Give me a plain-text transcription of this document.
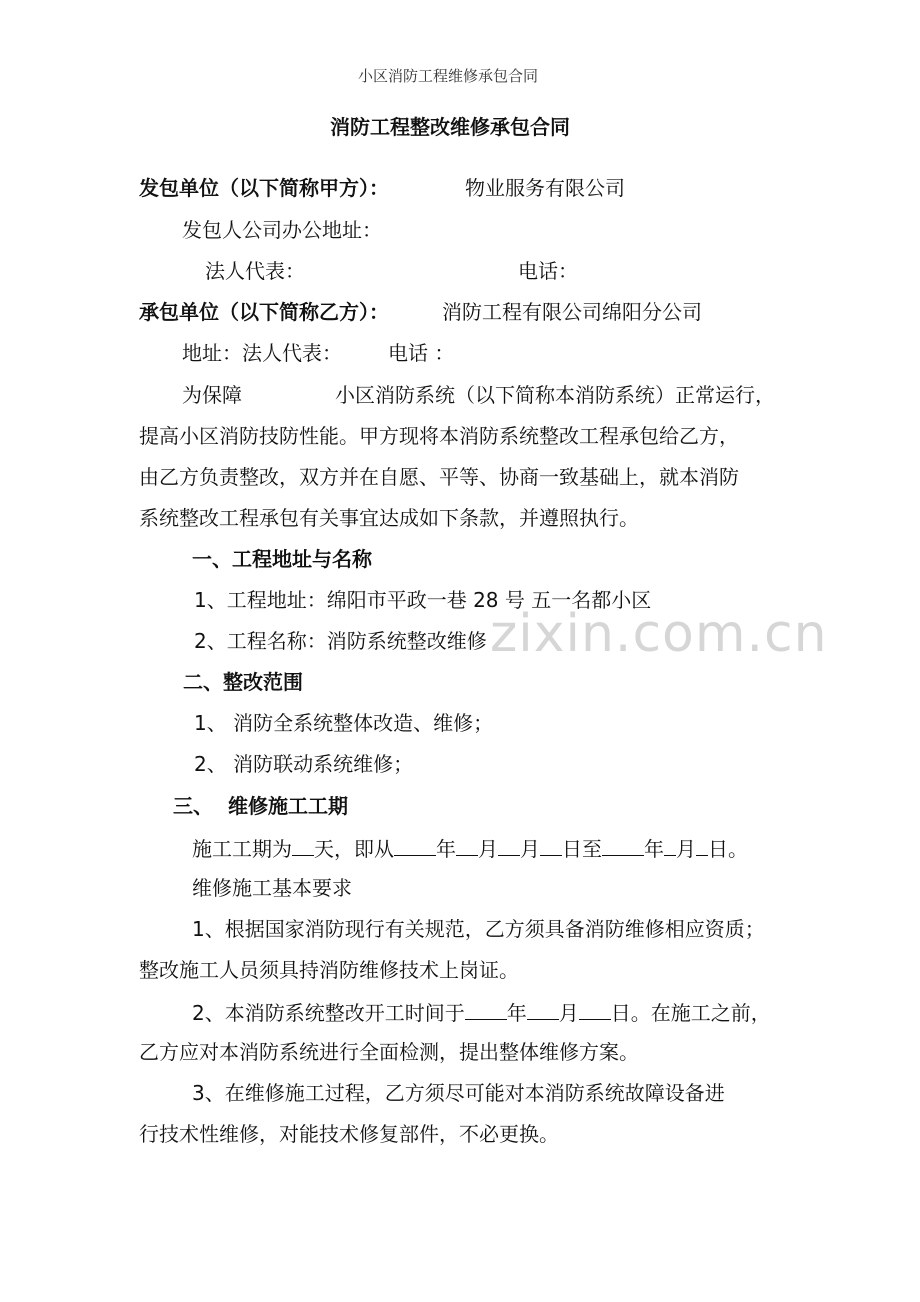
zixin.com.cn
小区消防工程维修承包合同
消防工程整改维修承包合同
发包单位（以下简称甲方）：	物业服务有限公司
发包人公司办公地址：
法人代表：	电话：
承包单位（以下简称乙方）：	消防工程有限公司绵阳分公司
地址：法人代表： 电话 ：
为保障	小区消防系统（以下简称本消防系统）正常运行，
提高小区消防技防性能。甲方现将本消防系统整改工程承包给乙方，
由乙方负责整改，双方并在自愿、平等、协商一致基础上，就本消防
系统整改工程承包有关事宜达成如下条款，并遵照执行。
一、工程地址与名称
1、工程地址：绵阳市平政一巷 28 号 五一名都小区
2、工程名称：消防系统整改维修
二、整改范围
1、 消防全系统整体改造、维修；
2、 消防联动系统维修；
三、 维修施工工期
施工工期为 天，即从 年 月 月 日至 年 月 日。
维修施工基本要求
1、根据国家消防现行有关规范，乙方须具备消防维修相应资质；
整改施工人员须具持消防维修技术上岗证。
2、本消防系统整改开工时间于 年 月 日。在施工之前，
乙方应对本消防系统进行全面检测，提出整体维修方案。
3、在维修施工过程，乙方须尽可能对本消防系统故障设备进
行技术性维修，对能技术修复部件，不必更换。
